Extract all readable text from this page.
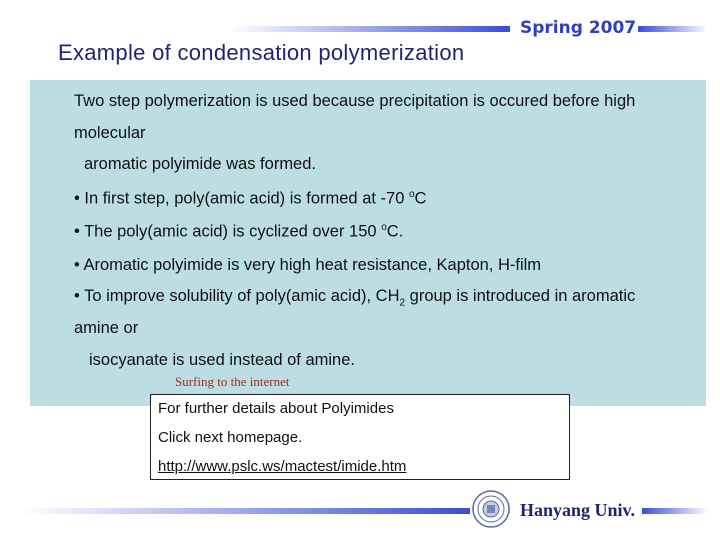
Spring 2007
Example of condensation polymerization
Two step polymerization is used because precipitation is occured before high
molecular
aromatic polyimide was formed.
• In first step, poly(amic acid) is formed at -70 $^o$C
• The poly(amic acid) is cyclized over 150 $^o$C.
• Aromatic polyimide is very high heat resistance, Kapton, H-film
• To improve solubility of poly(amic acid), $CH_2$ group is introduced in aromatic
amine or
isocyanate is used instead of amine.
Surfing to the internet
For further details about Polyimides
Click next homepage.
http://www.pslc.ws/mactest/imide.htm
Hanyang Univ.
